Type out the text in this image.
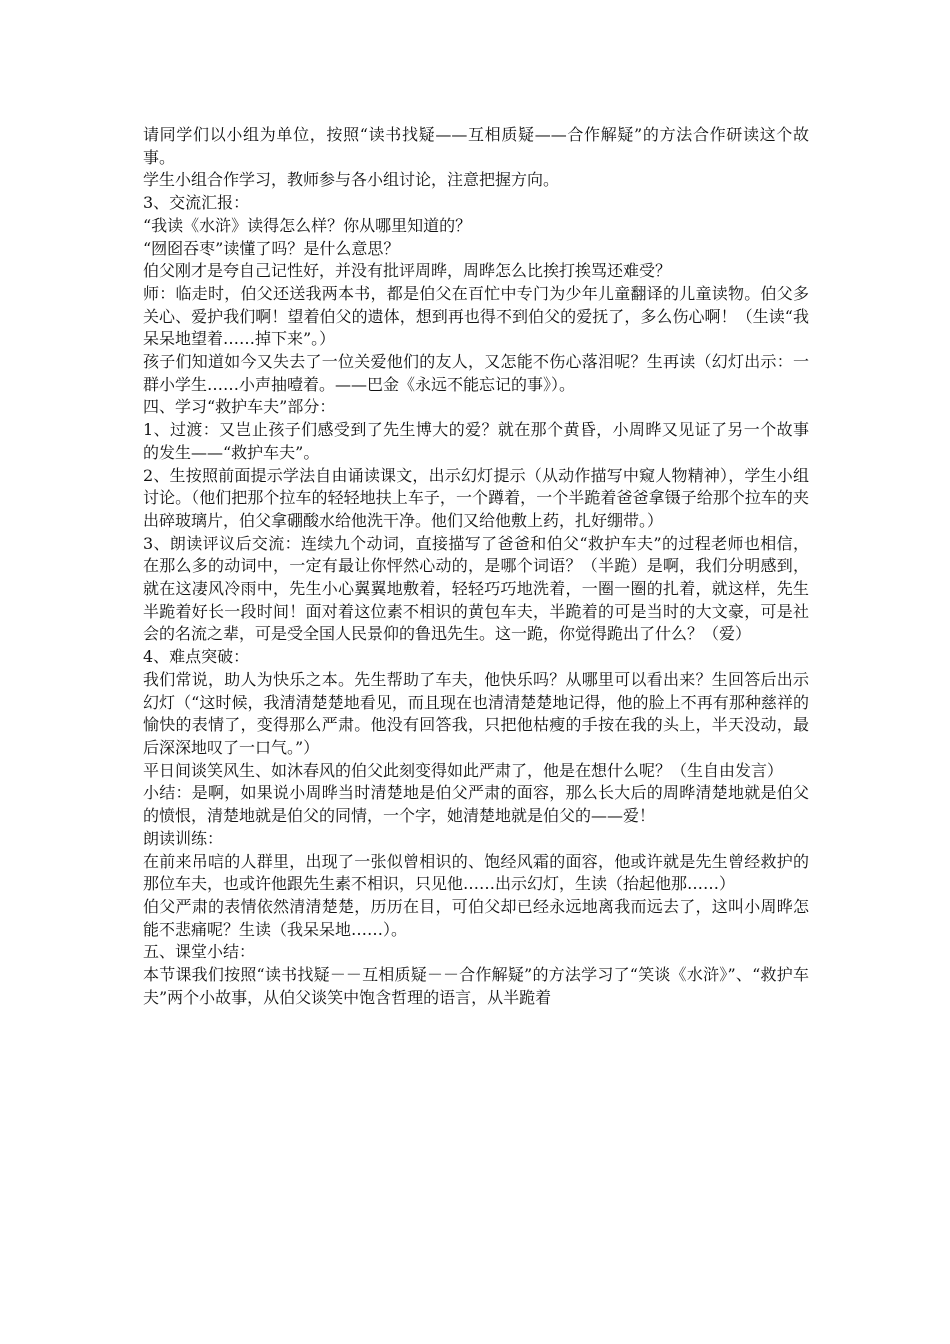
请同学们以小组为单位，按照“读书找疑——互相质疑——合作解疑”的方法合作研读这个故事。

学生小组合作学习，教师参与各小组讨论，注意把握方向。

3、交流汇报：

“我读《水浒》读得怎么样？你从哪里知道的？

“囫囵吞枣”读懂了吗？是什么意思？

伯父刚才是夸自己记性好，并没有批评周晔，周晔怎么比挨打挨骂还难受？

师：临走时，伯父还送我两本书，都是伯父在百忙中专门为少年儿童翻译的儿童读物。伯父多关心、爱护我们啊！望着伯父的遗体，想到再也得不到伯父的爱抚了，多么伤心啊！（生读“我呆呆地望着……掉下来”。）

孩子们知道如今又失去了一位关爱他们的友人，又怎能不伤心落泪呢？生再读（幻灯出示：一群小学生……小声抽噎着。——巴金《永远不能忘记的事》）。

四、学习“救护车夫”部分：

1、过渡：又岂止孩子们感受到了先生博大的爱？就在那个黄昏，小周晔又见证了另一个故事的发生——“救护车夫”。

2、生按照前面提示学法自由诵读课文，出示幻灯提示（从动作描写中窥人物精神），学生小组讨论。（他们把那个拉车的轻轻地扶上车子，一个蹲着，一个半跪着爸爸拿镊子给那个拉车的夹出碎玻璃片，伯父拿硼酸水给他洗干净。他们又给他敷上药，扎好绷带。）

3、朗读评议后交流：连续九个动词，直接描写了爸爸和伯父“救护车夫”的过程老师也相信，在那么多的动词中，一定有最让你怦然心动的，是哪个词语？（半跪）是啊，我们分明感到，就在这凄风冷雨中，先生小心翼翼地敷着，轻轻巧巧地洗着，一圈一圈的扎着，就这样，先生半跪着好长一段时间！面对着这位素不相识的黄包车夫，半跪着的可是当时的大文豪，可是社会的名流之辈，可是受全国人民景仰的鲁迅先生。这一跪，你觉得跪出了什么？（爱）

4、难点突破：

我们常说，助人为快乐之本。先生帮助了车夫，他快乐吗？从哪里可以看出来？生回答后出示幻灯（“这时候，我清清楚楚地看见，而且现在也清清楚楚地记得，他的脸上不再有那种慈祥的愉快的表情了，变得那么严肃。他没有回答我，只把他枯瘦的手按在我的头上，半天没动，最后深深地叹了一口气。”）

平日间谈笑风生、如沐春风的伯父此刻变得如此严肃了，他是在想什么呢？（生自由发言）

小结：是啊，如果说小周晔当时清楚地是伯父严肃的面容，那么长大后的周晔清楚地就是伯父的愤恨，清楚地就是伯父的同情，一个字，她清楚地就是伯父的——爱！

朗读训练：

在前来吊唁的人群里，出现了一张似曾相识的、饱经风霜的面容，他或许就是先生曾经救护的那位车夫，也或许他跟先生素不相识，只见他……出示幻灯，生读（抬起他那……）

伯父严肃的表情依然清清楚楚，历历在目，可伯父却已经永远地离我而远去了，这叫小周晔怎能不悲痛呢？生读（我呆呆地……）。

五、课堂小结：

本节课我们按照“读书找疑－－互相质疑－－合作解疑”的方法学习了“笑谈《水浒》”、“救护车夫”两个小故事，从伯父谈笑中饱含哲理的语言，从半跪着
